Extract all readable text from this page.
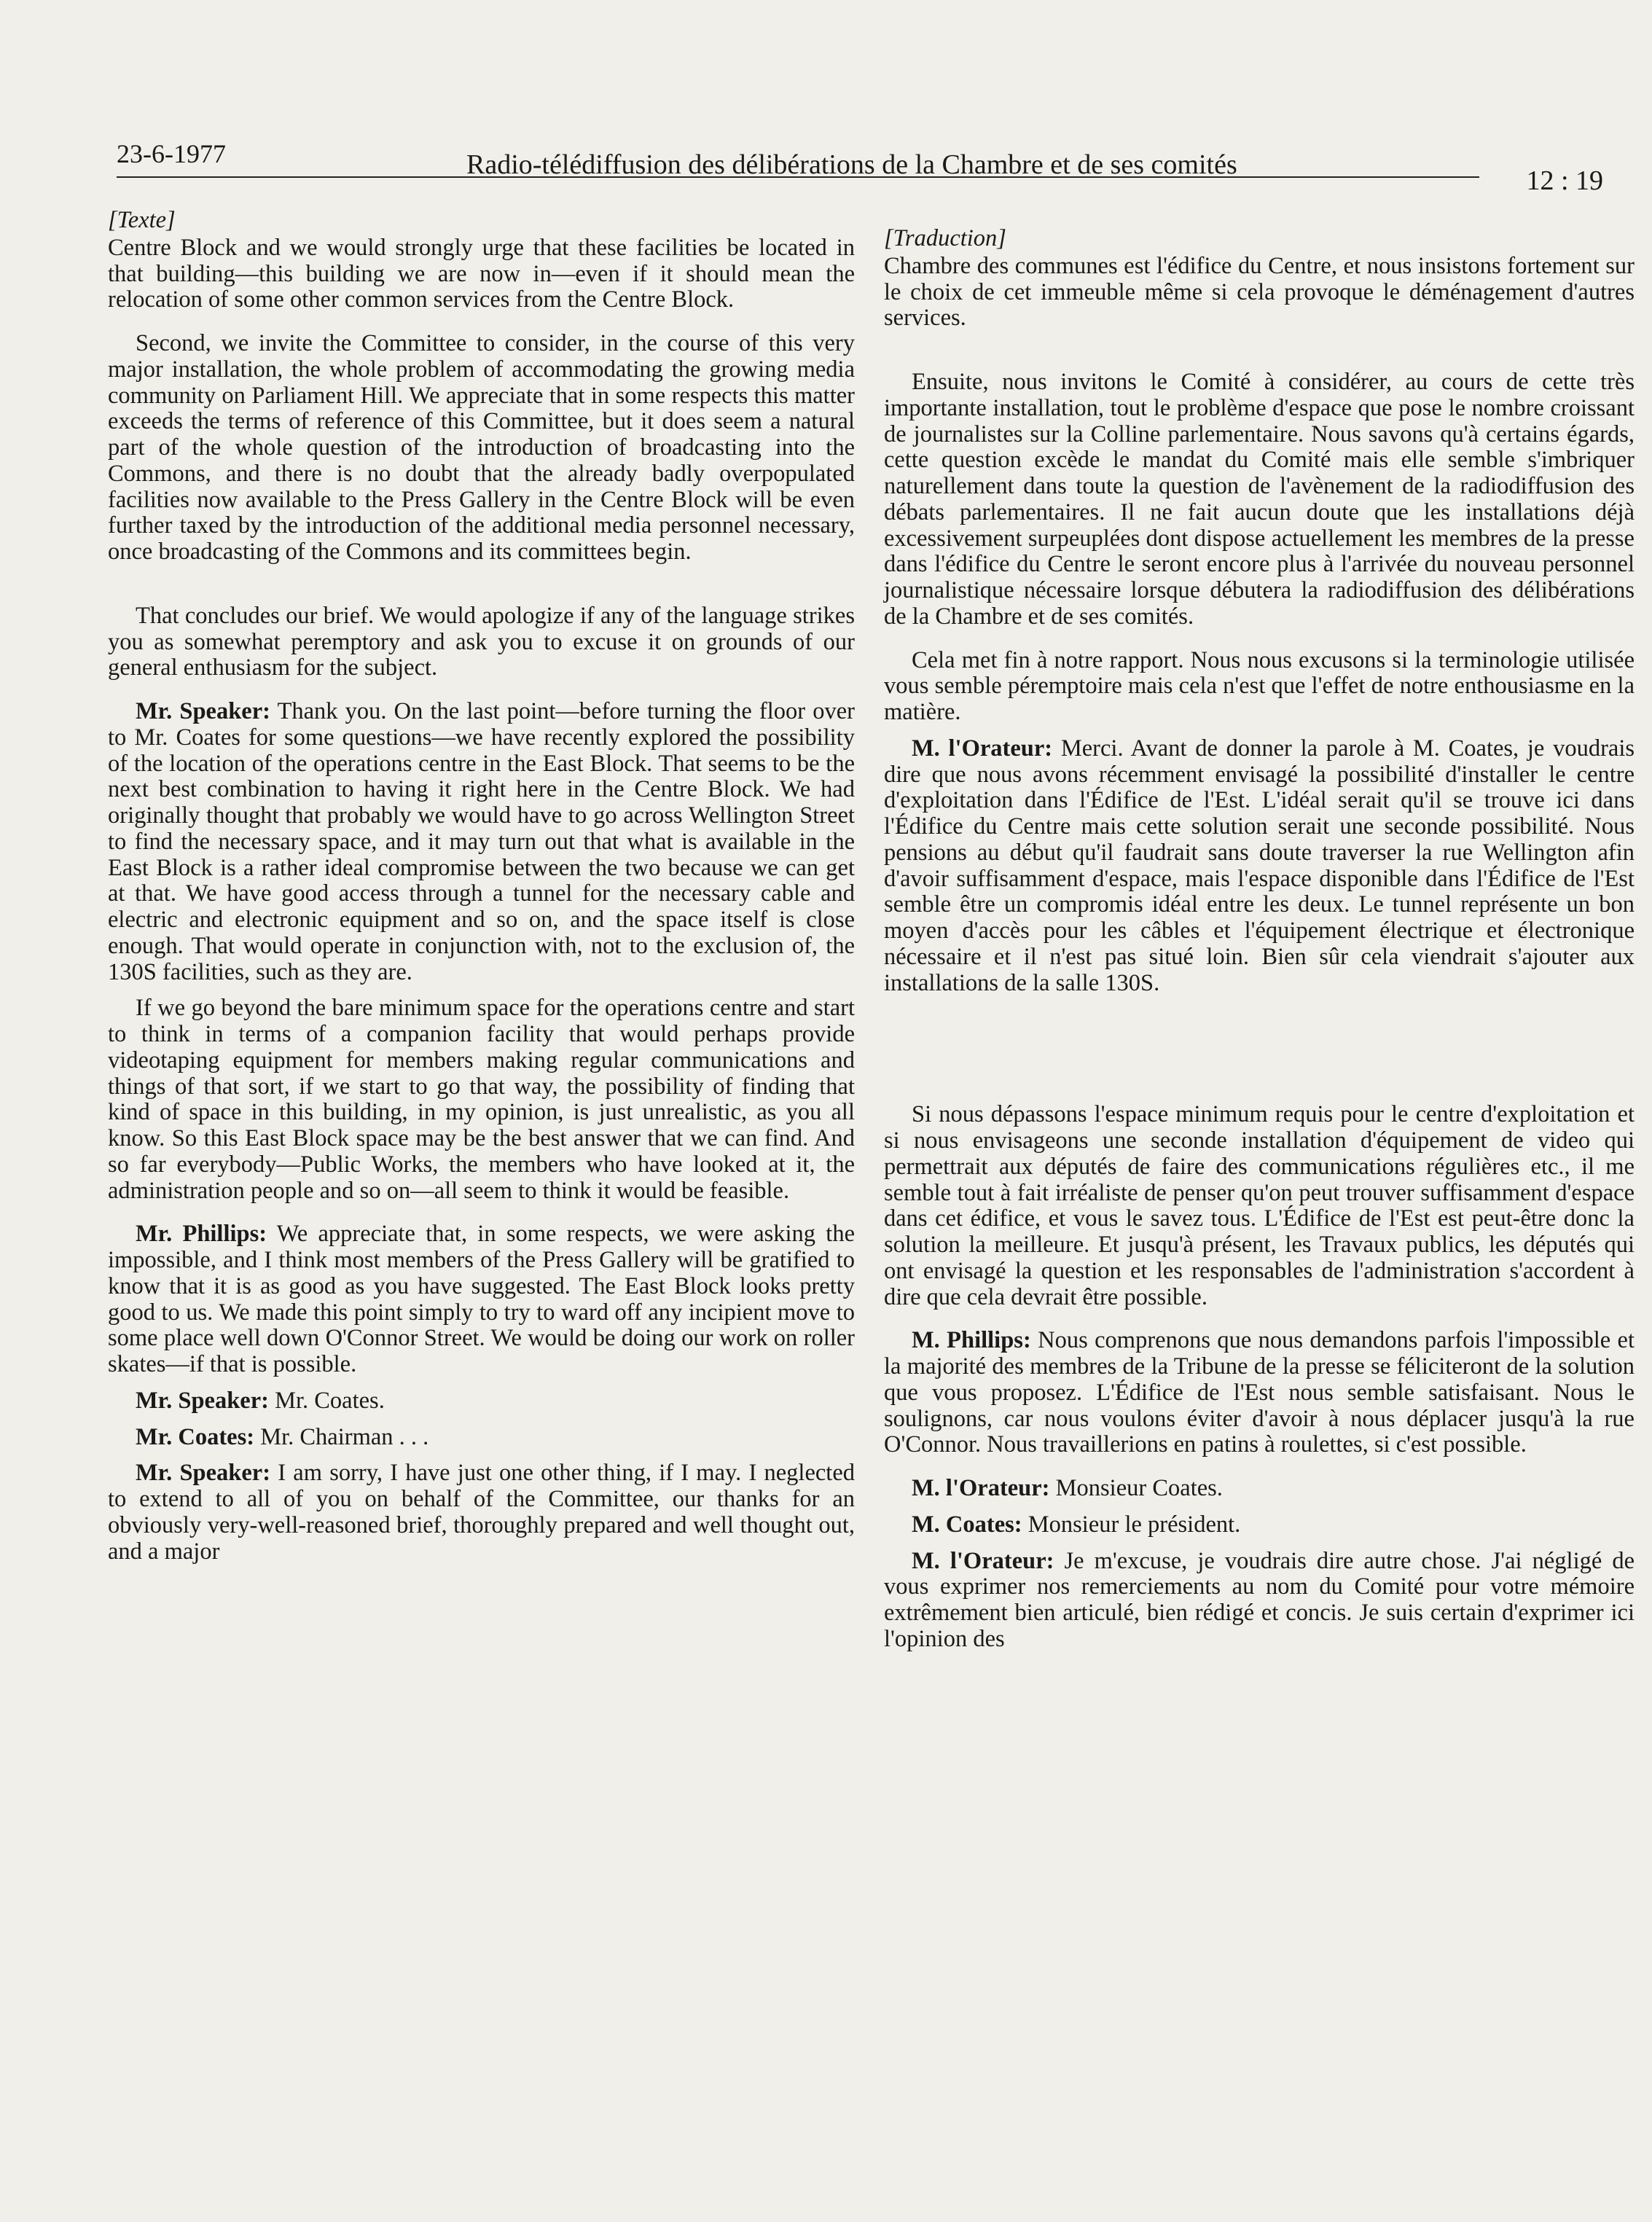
23-6-1977	Radio-télédiffusion des délibérations de la Chambre et de ses comités
12 : 19
[Texte]

Centre Block and we would strongly urge that these facilities be located in that building—this building we are now in—even if it should mean the relocation of some other common services from the Centre Block.

Second, we invite the Committee to consider, in the course of this very major installation, the whole problem of accommodating the growing media community on Parliament Hill. We appreciate that in some respects this matter exceeds the terms of reference of this Committee, but it does seem a natural part of the whole question of the introduction of broadcasting into the Commons, and there is no doubt that the already badly overpopulated facilities now available to the Press Gallery in the Centre Block will be even further taxed by the introduction of the additional media personnel necessary, once broadcasting of the Commons and its committees begin.

That concludes our brief. We would apologize if any of the language strikes you as somewhat peremptory and ask you to excuse it on grounds of our general enthusiasm for the subject.

Mr. Speaker: Thank you. On the last point—before turning the floor over to Mr. Coates for some questions—we have recently explored the possibility of the location of the operations centre in the East Block. That seems to be the next best combination to having it right here in the Centre Block. We had originally thought that probably we would have to go across Wellington Street to find the necessary space, and it may turn out that what is available in the East Block is a rather ideal compromise between the two because we can get at that. We have good access through a tunnel for the necessary cable and electric and electronic equipment and so on, and the space itself is close enough. That would operate in conjunction with, not to the exclusion of, the 130S facilities, such as they are.

If we go beyond the bare minimum space for the operations centre and start to think in terms of a companion facility that would perhaps provide videotaping equipment for members making regular communications and things of that sort, if we start to go that way, the possibility of finding that kind of space in this building, in my opinion, is just unrealistic, as you all know. So this East Block space may be the best answer that we can find. And so far everybody—Public Works, the members who have looked at it, the administration people and so on—all seem to think it would be feasible.

Mr. Phillips: We appreciate that, in some respects, we were asking the impossible, and I think most members of the Press Gallery will be gratified to know that it is as good as you have suggested. The East Block looks pretty good to us. We made this point simply to try to ward off any incipient move to some place well down O'Connor Street. We would be doing our work on roller skates—if that is possible.

Mr. Speaker: Mr. Coates.

Mr. Coates: Mr. Chairman . . .

Mr. Speaker: I am sorry, I have just one other thing, if I may. I neglected to extend to all of you on behalf of the Committee, our thanks for an obviously very-well-reasoned brief, thoroughly prepared and well thought out, and a major

[Traduction]

Chambre des communes est l'édifice du Centre, et nous insistons fortement sur le choix de cet immeuble même si cela provoque le déménagement d'autres services.

Ensuite, nous invitons le Comité à considérer, au cours de cette très importante installation, tout le problème d'espace que pose le nombre croissant de journalistes sur la Colline parlementaire. Nous savons qu'à certains égards, cette question excède le mandat du Comité mais elle semble s'imbriquer naturellement dans toute la question de l'avènement de la radiodiffusion des débats parlementaires. Il ne fait aucun doute que les installations déjà excessivement surpeuplées dont dispose actuellement les membres de la presse dans l'édifice du Centre le seront encore plus à l'arrivée du nouveau personnel journalistique nécessaire lorsque débutera la radiodiffusion des délibérations de la Chambre et de ses comités.

Cela met fin à notre rapport. Nous nous excusons si la terminologie utilisée vous semble péremptoire mais cela n'est que l'effet de notre enthousiasme en la matière.

M. l'Orateur: Merci. Avant de donner la parole à M. Coates, je voudrais dire que nous avons récemment envisagé la possibilité d'installer le centre d'exploitation dans l'Édifice de l'Est. L'idéal serait qu'il se trouve ici dans l'Édifice du Centre mais cette solution serait une seconde possibilité. Nous pensions au début qu'il faudrait sans doute traverser la rue Wellington afin d'avoir suffisamment d'espace, mais l'espace disponible dans l'Édifice de l'Est semble être un compromis idéal entre les deux. Le tunnel représente un bon moyen d'accès pour les câbles et l'équipement électrique et électronique nécessaire et il n'est pas situé loin. Bien sûr cela viendrait s'ajouter aux installations de la salle 130S.

Si nous dépassons l'espace minimum requis pour le centre d'exploitation et si nous envisageons une seconde installation d'équipement de video qui permettrait aux députés de faire des communications régulières etc., il me semble tout à fait irréaliste de penser qu'on peut trouver suffisamment d'espace dans cet édifice, et vous le savez tous. L'Édifice de l'Est est peut-être donc la solution la meilleure. Et jusqu'à présent, les Travaux publics, les députés qui ont envisagé la question et les responsables de l'administration s'accordent à dire que cela devrait être possible.

M. Phillips: Nous comprenons que nous demandons parfois l'impossible et la majorité des membres de la Tribune de la presse se féliciteront de la solution que vous proposez. L'Édifice de l'Est nous semble satisfaisant. Nous le soulignons, car nous voulons éviter d'avoir à nous déplacer jusqu'à la rue O'Connor. Nous travaillerions en patins à roulettes, si c'est possible.

M. l'Orateur: Monsieur Coates.

M. Coates: Monsieur le président.

M. l'Orateur: Je m'excuse, je voudrais dire autre chose. J'ai négligé de vous exprimer nos remerciements au nom du Comité pour votre mémoire extrêmement bien articulé, bien rédigé et concis. Je suis certain d'exprimer ici l'opinion des
